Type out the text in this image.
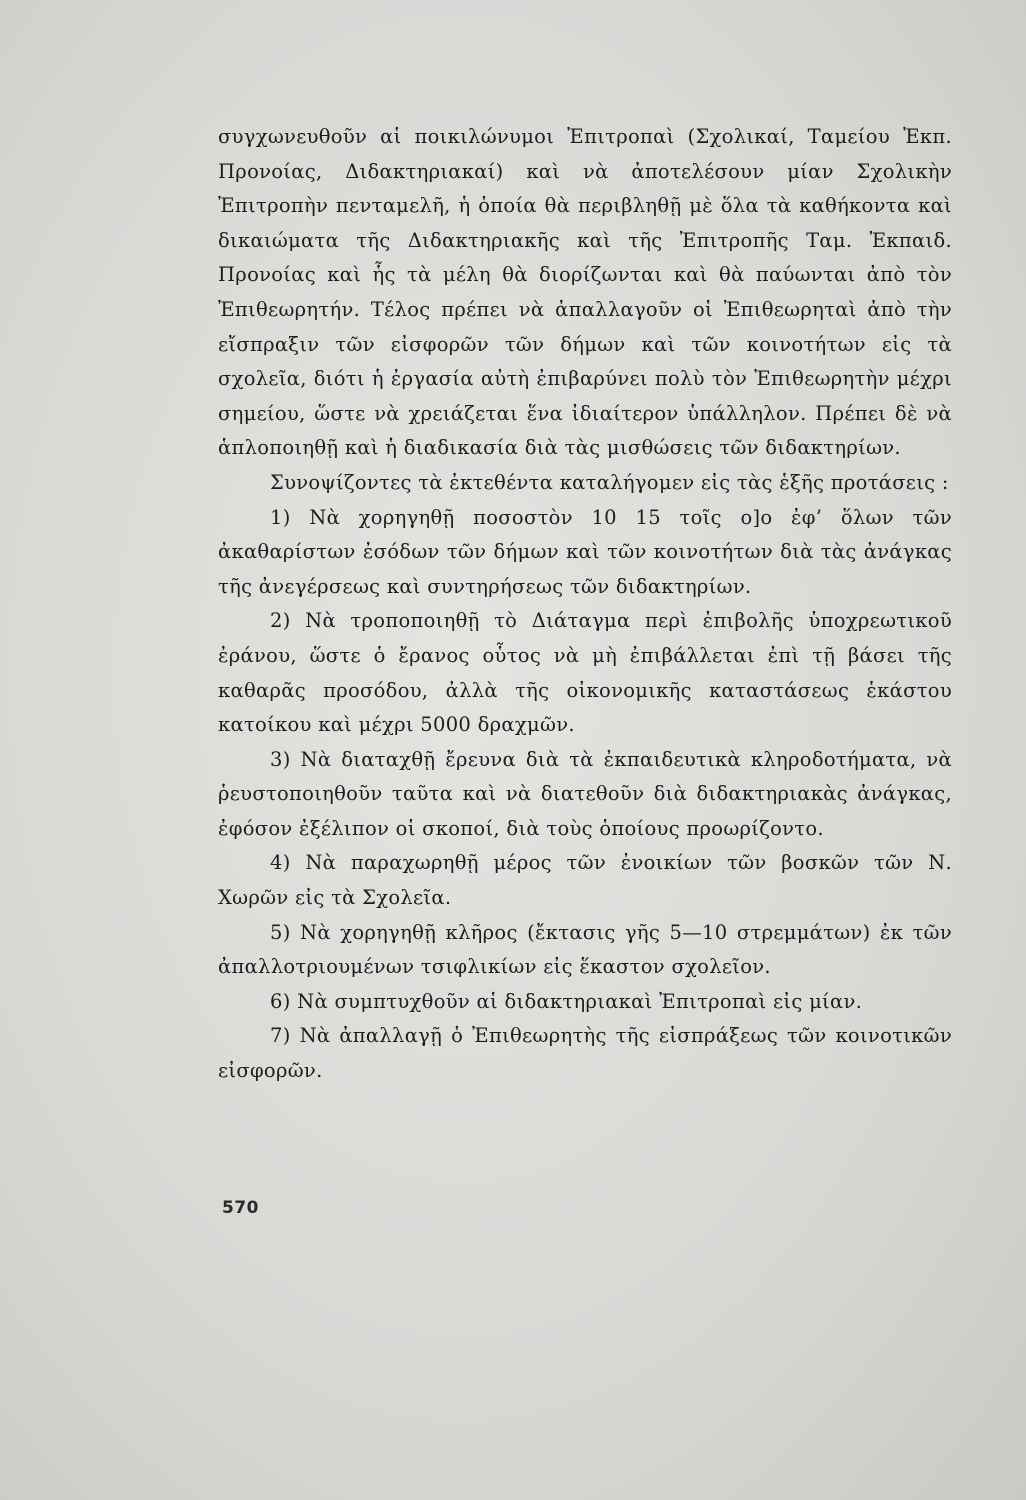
συγχωνευθοῦν αἱ ποικιλώνυμοι Ἐπιτροπαὶ (Σχολικαί, Ταμείου Ἐκπ. Προνοίας, Διδακτηριακαί) καὶ νὰ ἀποτελέσουν μίαν Σχολικὴν Ἐπιτροπὴν πενταμελῆ, ἡ ὁποία θὰ περιβληθῇ μὲ ὅλα τὰ καθήκοντα καὶ δικαιώματα τῆς Διδακτηριακῆς καὶ τῆς Ἐπιτροπῆς Ταμ. Ἐκπαιδ. Προνοίας καὶ ἧς τὰ μέλη θὰ διορίζωνται καὶ θὰ παύωνται ἀπὸ τὸν Ἐπιθεωρητήν. Τέλος πρέπει νὰ ἀπαλλαγοῦν οἱ Ἐπιθεωρηταὶ ἀπὸ τὴν εἴσπραξιν τῶν εἰσφορῶν τῶν δήμων καὶ τῶν κοινοτήτων εἰς τὰ σχολεῖα, διότι ἡ ἐργασία αὐτὴ ἐπιβαρύνει πολὺ τὸν Ἐπιθεωρητὴν μέχρι σημείου, ὥστε νὰ χρειάζεται ἕνα ἰδιαίτερον ὑπάλληλον. Πρέπει δὲ νὰ ἁπλοποιηθῇ καὶ ἡ διαδικασία διὰ τὰς μισθώσεις τῶν διδακτηρίων.

Συνοψίζοντες τὰ ἐκτεθέντα καταλήγομεν εἰς τὰς ἑξῆς προτάσεις :

1) Νὰ χορηγηθῇ ποσοστὸν 10 15 τοῖς ο]ο ἐφ’ ὅλων τῶν ἀκαθαρίστων ἐσόδων τῶν δήμων καὶ τῶν κοινοτήτων διὰ τὰς ἀνάγκας τῆς ἀνεγέρσεως καὶ συντηρήσεως τῶν διδακτηρίων.

2) Νὰ τροποποιηθῇ τὸ Διάταγμα περὶ ἐπιβολῆς ὑποχρεωτικοῦ ἐράνου, ὥστε ὁ ἔρανος οὗτος νὰ μὴ ἐπιβάλλεται ἐπὶ τῇ βάσει τῆς καθαρᾶς προσόδου, ἀλλὰ τῆς οἰκονομικῆς καταστάσεως ἑκάστου κατοίκου καὶ μέχρι 5000 δραχμῶν.

3) Νὰ διαταχθῇ ἔρευνα διὰ τὰ ἐκπαιδευτικὰ κληροδοτήματα, νὰ ῥευστοποιηθοῦν ταῦτα καὶ νὰ διατεθοῦν διὰ διδακτηριακὰς ἀνάγκας, ἐφόσον ἐξέλιπον οἱ σκοποί, διὰ τοὺς ὁποίους προωρίζοντο.

4) Νὰ παραχωρηθῇ μέρος τῶν ἐνοικίων τῶν βοσκῶν τῶν Ν. Χωρῶν εἰς τὰ Σχολεῖα.

5) Νὰ χορηγηθῇ κλῆρος (ἔκτασις γῆς 5—10 στρεμμάτων) ἐκ τῶν ἀπαλλοτριουμένων τσιφλικίων εἰς ἕκαστον σχολεῖον.

6) Νὰ συμπτυχθοῦν αἱ διδακτηριακαὶ Ἐπιτροπαὶ εἰς μίαν.

7) Νὰ ἀπαλλαγῇ ὁ Ἐπιθεωρητὴς τῆς εἰσπράξεως τῶν κοινοτικῶν εἰσφορῶν.

570
